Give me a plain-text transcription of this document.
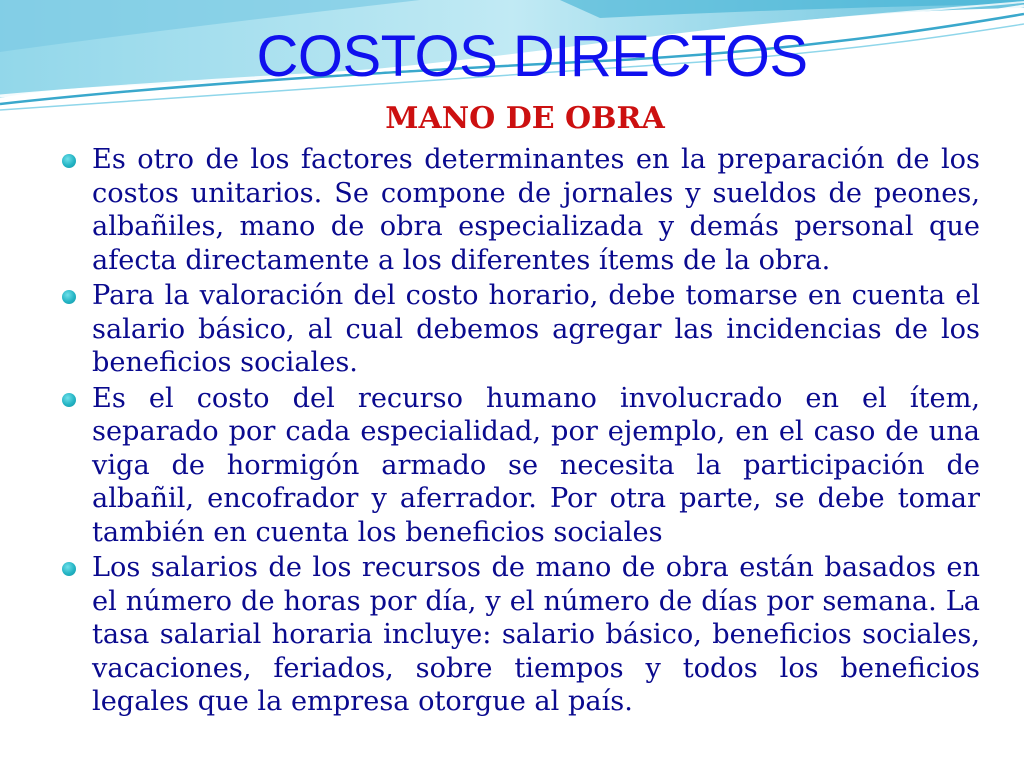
COSTOS DIRECTOS
MANO DE OBRA
Es otro de los factores determinantes en la preparación de los costos unitarios. Se compone de jornales y sueldos de peones, albañiles, mano de obra especializada y demás personal que afecta directamente a los diferentes ítems de la obra.
Para la valoración del costo horario, debe tomarse en cuenta el salario básico, al cual debemos agregar las incidencias de los beneficios sociales.
Es el costo del recurso humano involucrado en el ítem, separado por cada especialidad, por ejemplo, en el caso de una viga de hormigón armado se necesita la participación de albañil, encofrador y aferrador. Por otra parte, se debe tomar también en cuenta los beneficios sociales
Los salarios de los recursos de mano de obra están basados en el número de horas por día, y el número de días por semana. La tasa salarial horaria incluye: salario básico, beneficios sociales, vacaciones, feriados, sobre tiempos y todos los beneficios legales que la empresa otorgue al país.
